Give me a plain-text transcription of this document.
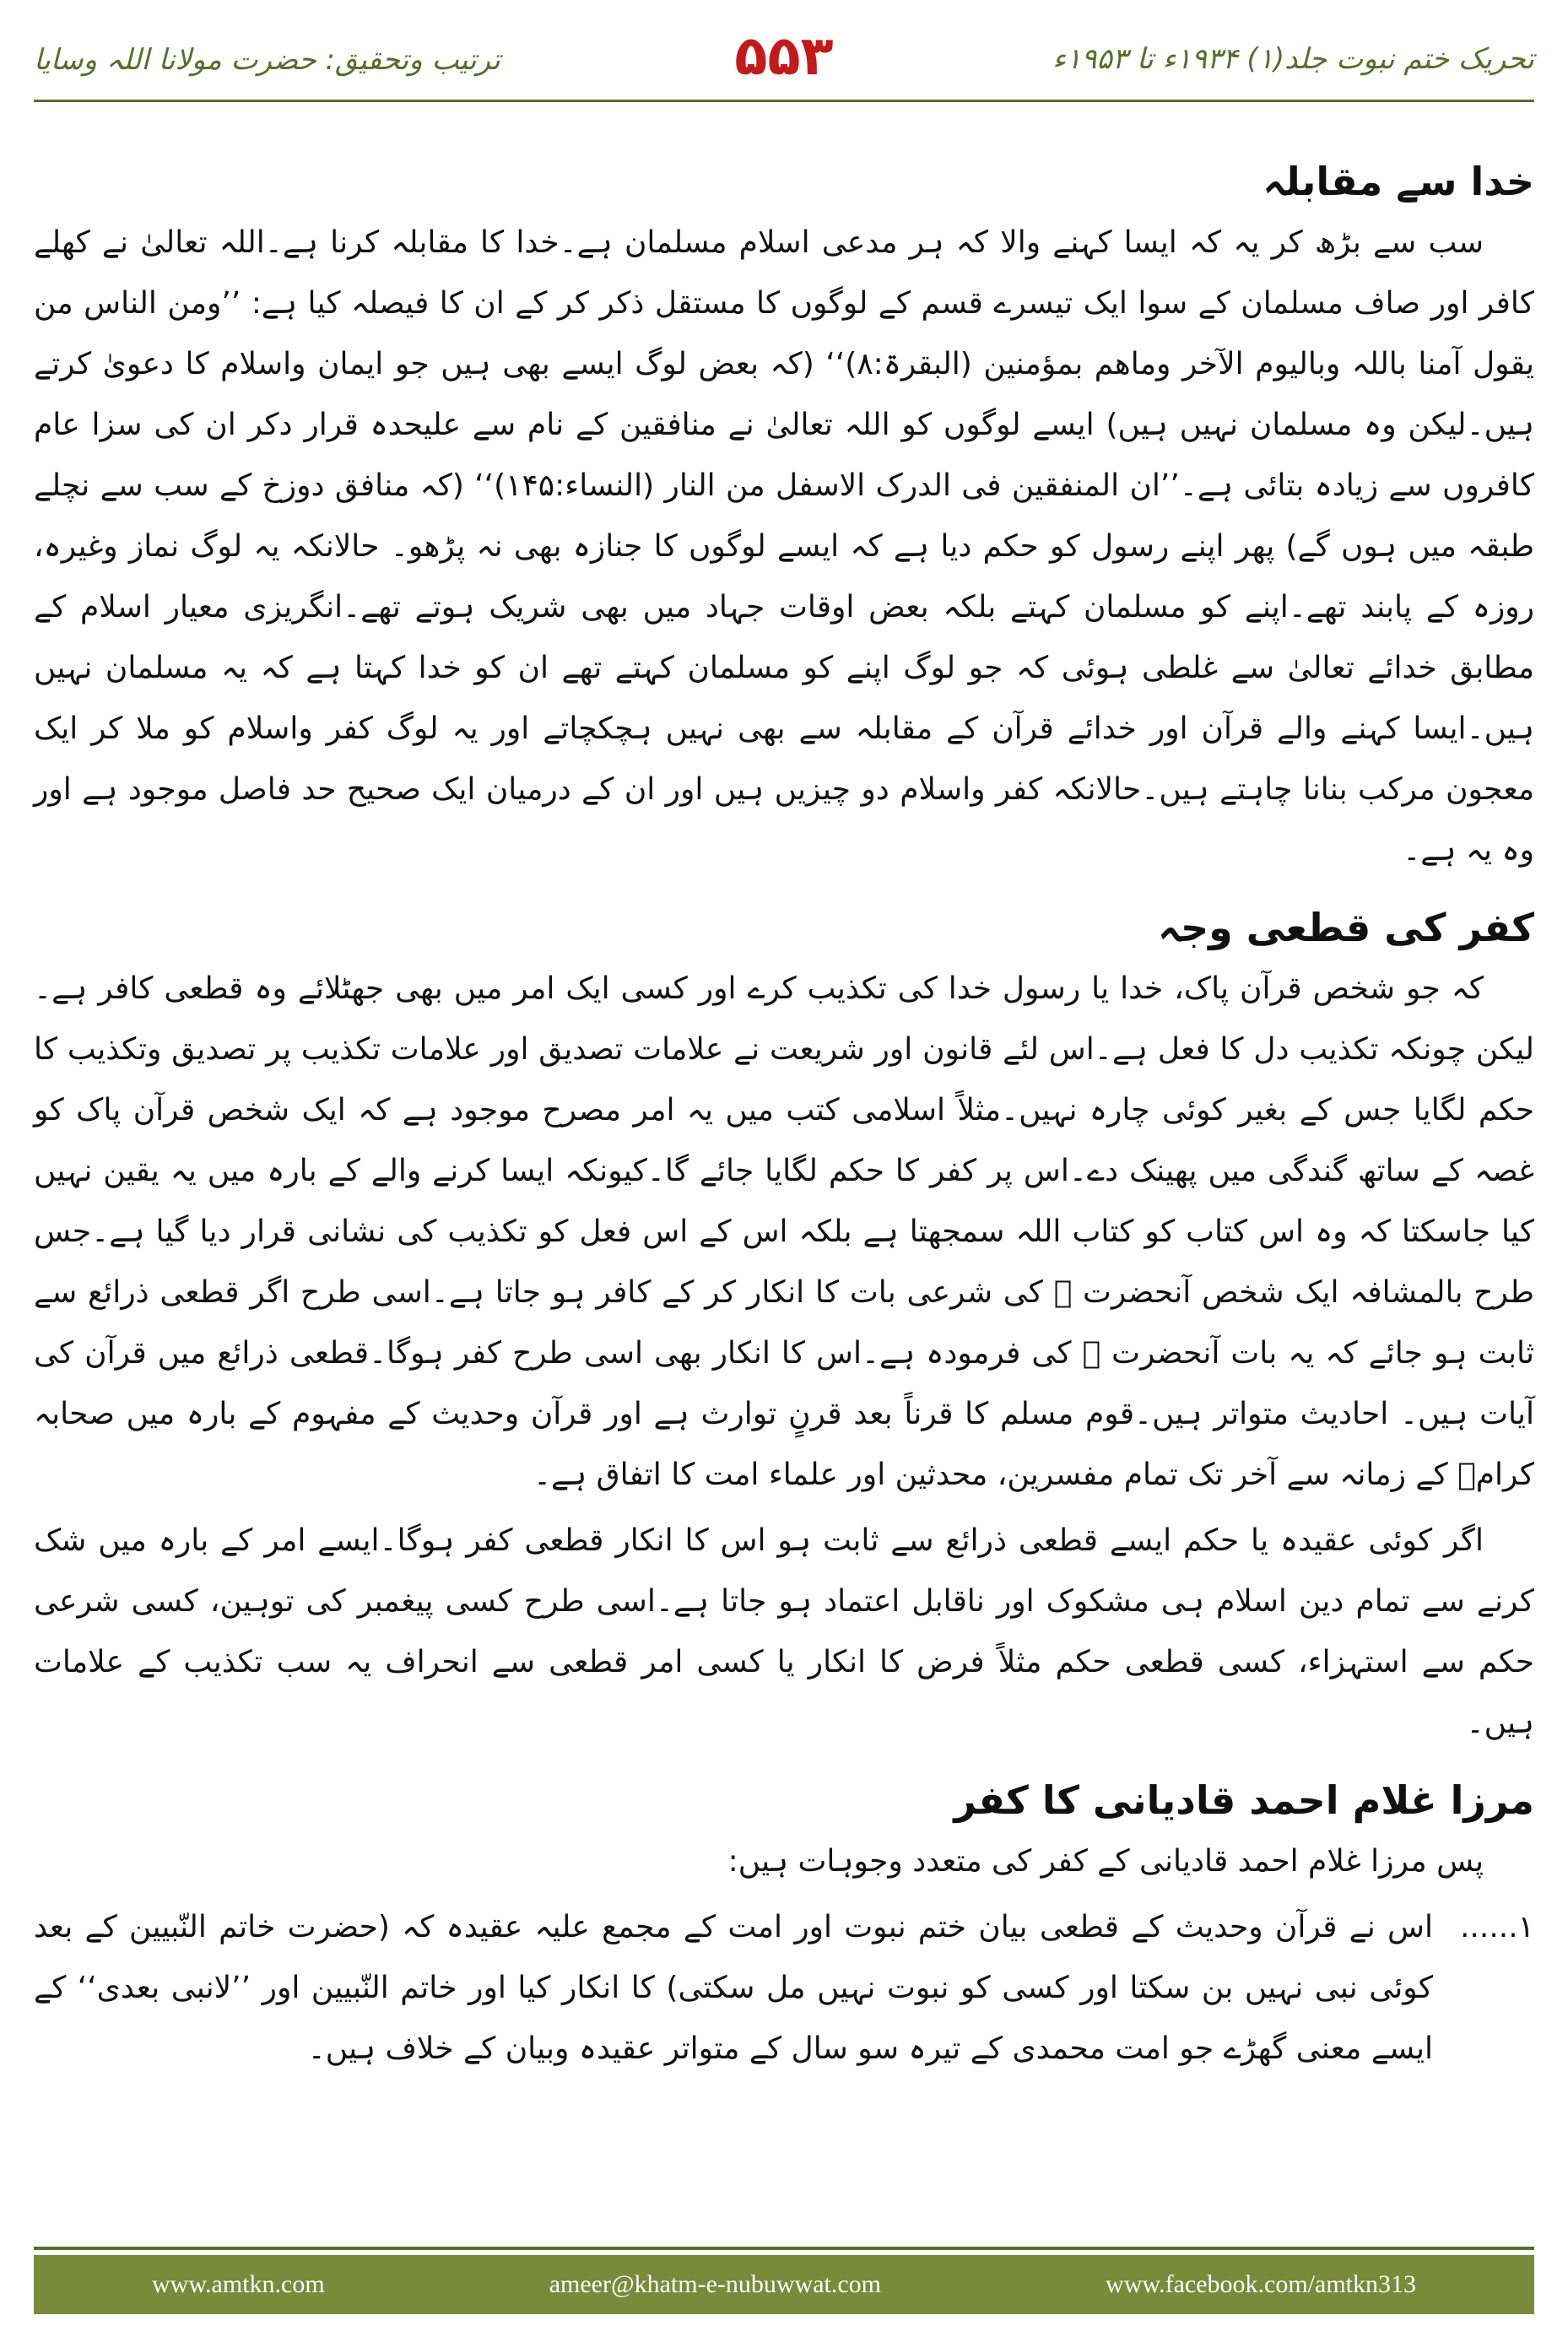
ترتیب وتحقیق: حضرت مولانا اللہ وسایا	۵۵۳	تحریک ختم نبوت جلد(۱) ۱۹۳۴ء تا ۱۹۵۳ء
خدا سے مقابلہ

سب سے بڑھ کر یہ کہ ایسا کہنے والا کہ ہر مدعی اسلام مسلمان ہے۔خدا کا مقابلہ کرنا ہے۔اللہ تعالیٰ نے کھلے کافر اور صاف مسلمان کے سوا ایک تیسرے قسم کے لوگوں کا مستقل ذکر کر کے ان کا فیصلہ کیا ہے: ’’ومن الناس من یقول آمنا باللہ وبالیوم الآخر وماھم بمؤمنین (البقرۃ:۸)‘‘ (کہ بعض لوگ ایسے بھی ہیں جو ایمان واسلام کا دعویٰ کرتے ہیں۔لیکن وہ مسلمان نہیں ہیں) ایسے لوگوں کو اللہ تعالیٰ نے منافقین کے نام سے علیحدہ قرار دکر ان کی سزا عام کافروں سے زیادہ بتائی ہے۔’’ان المنفقین فی الدرک الاسفل من النار (النساء:۱۴۵)‘‘ (کہ منافق دوزخ کے سب سے نچلے طبقہ میں ہوں گے) پھر اپنے رسول کو حکم دیا ہے کہ ایسے لوگوں کا جنازہ بھی نہ پڑھو۔ حالانکہ یہ لوگ نماز وغیرہ، روزہ کے پابند تھے۔اپنے کو مسلمان کہتے بلکہ بعض اوقات جہاد میں بھی شریک ہوتے تھے۔انگریزی معیار اسلام کے مطابق خدائے تعالیٰ سے غلطی ہوئی کہ جو لوگ اپنے کو مسلمان کہتے تھے ان کو خدا کہتا ہے کہ یہ مسلمان نہیں ہیں۔ایسا کہنے والے قرآن اور خدائے قرآن کے مقابلہ سے بھی نہیں ہچکچاتے اور یہ لوگ کفر واسلام کو ملا کر ایک معجون مرکب بنانا چاہتے ہیں۔حالانکہ کفر واسلام دو چیزیں ہیں اور ان کے درمیان ایک صحیح حد فاصل موجود ہے اور وہ یہ ہے۔

کفر کی قطعی وجہ

کہ جو شخص قرآن پاک، خدا یا رسول خدا کی تکذیب کرے اور کسی ایک امر میں بھی جھٹلائے وہ قطعی کافر ہے۔لیکن چونکہ تکذیب دل کا فعل ہے۔اس لئے قانون اور شریعت نے علامات تصدیق اور علامات تکذیب پر تصدیق وتکذیب کا حکم لگایا جس کے بغیر کوئی چارہ نہیں۔مثلاً اسلامی کتب میں یہ امر مصرح موجود ہے کہ ایک شخص قرآن پاک کو غصہ کے ساتھ گندگی میں پھینک دے۔اس پر کفر کا حکم لگایا جائے گا۔کیونکہ ایسا کرنے والے کے بارہ میں یہ یقین نہیں کیا جاسکتا کہ وہ اس کتاب کو کتاب اللہ سمجھتا ہے بلکہ اس کے اس فعل کو تکذیب کی نشانی قرار دیا گیا ہے۔جس طرح بالمشافہ ایک شخص آنحضرت ﷺ کی شرعی بات کا انکار کر کے کافر ہو جاتا ہے۔اسی طرح اگر قطعی ذرائع سے ثابت ہو جائے کہ یہ بات آنحضرت ﷺ کی فرمودہ ہے۔اس کا انکار بھی اسی طرح کفر ہوگا۔قطعی ذرائع میں قرآن کی آیات ہیں۔ احادیث متواتر ہیں۔قوم مسلم کا قرناً بعد قرنٍ توارث ہے اور قرآن وحدیث کے مفہوم کے بارہ میں صحابہ کرامؓ کے زمانہ سے آخر تک تمام مفسرین، محدثین اور علماء امت کا اتفاق ہے۔

اگر کوئی عقیدہ یا حکم ایسے قطعی ذرائع سے ثابت ہو اس کا انکار قطعی کفر ہوگا۔ایسے امر کے بارہ میں شک کرنے سے تمام دین اسلام ہی مشکوک اور ناقابل اعتماد ہو جاتا ہے۔اسی طرح کسی پیغمبر کی توہین، کسی شرعی حکم سے استہزاء، کسی قطعی حکم مثلاً فرض کا انکار یا کسی امر قطعی سے انحراف یہ سب تکذیب کے علامات ہیں۔

مرزا غلام احمد قادیانی کا کفر

پس مرزا غلام احمد قادیانی کے کفر کی متعدد وجوہات ہیں:

۱......
اس نے قرآن وحدیث کے قطعی بیان ختم نبوت اور امت کے مجمع علیہ عقیدہ کہ (حضرت خاتم النّبیین کے بعد کوئی نبی نہیں بن سکتا اور کسی کو نبوت نہیں مل سکتی) کا انکار کیا اور خاتم النّبیین اور ’’لانبی بعدی‘‘ کے ایسے معنی گھڑے جو امت محمدی کے تیرہ سو سال کے متواتر عقیدہ وبیان کے خلاف ہیں۔
www.amtkn.com	ameer@khatm-e-nubuwwat.com	www.facebook.com/amtkn313
